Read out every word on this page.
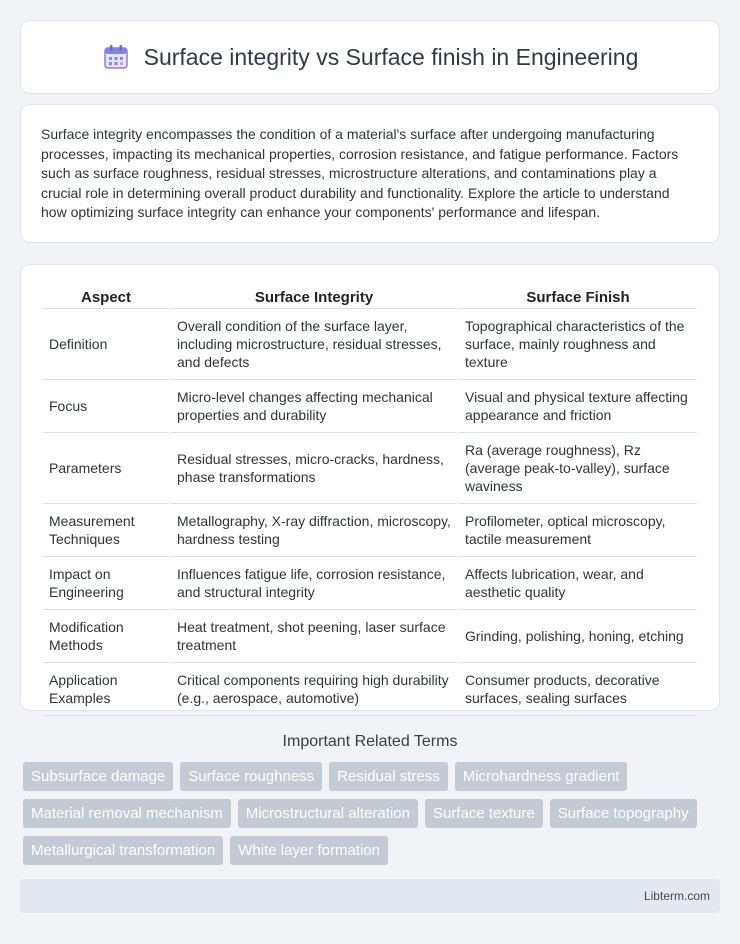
Surface integrity vs Surface finish in Engineering

Surface integrity encompasses the condition of a material's surface after undergoing manufacturing processes, impacting its mechanical properties, corrosion resistance, and fatigue performance. Factors such as surface roughness, residual stresses, microstructure alterations, and contaminations play a crucial role in determining overall product durability and functionality. Explore the article to understand how optimizing surface integrity can enhance your components' performance and lifespan.

Aspect	Surface Integrity	Surface Finish
Definition	Overall condition of the surface layer, including microstructure, residual stresses, and defects	Topographical characteristics of the surface, mainly roughness and texture
Focus	Micro-level changes affecting mechanical properties and durability	Visual and physical texture affecting appearance and friction
Parameters	Residual stresses, micro-cracks, hardness, phase transformations	Ra (average roughness), Rz (average peak-to-valley), surface waviness
Measurement Techniques	Metallography, X-ray diffraction, microscopy, hardness testing	Profilometer, optical microscopy, tactile measurement
Impact on Engineering	Influences fatigue life, corrosion resistance, and structural integrity	Affects lubrication, wear, and aesthetic quality
Modification Methods	Heat treatment, shot peening, laser surface treatment	Grinding, polishing, honing, etching
Application Examples	Critical components requiring high durability (e.g., aerospace, automotive)	Consumer products, decorative surfaces, sealing surfaces
Important Related Terms
Subsurface damage	Surface roughness	Residual stress	Microhardness gradient
Material removal mechanism	Microstructural alteration	Surface texture	Surface topography
Metallurgical transformation	White layer formation
Libterm.com
